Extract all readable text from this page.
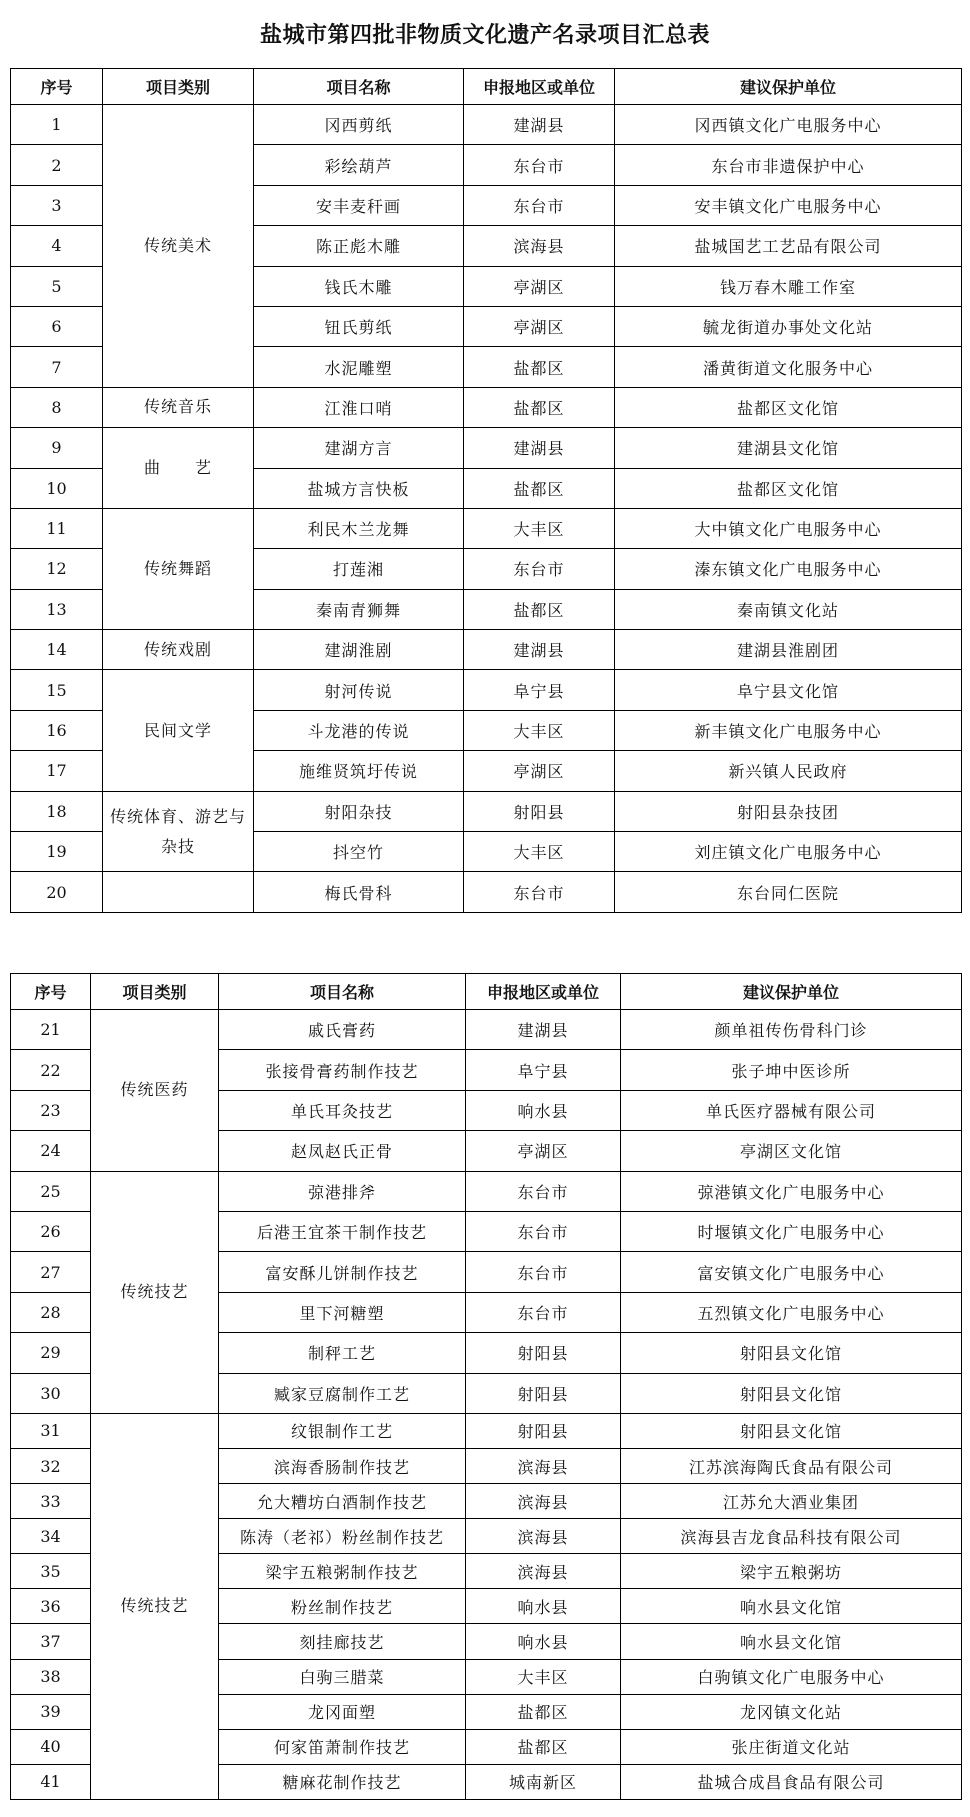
盐城市第四批非物质文化遗产名录项目汇总表
序号	项目类别	项目名称	申报地区或单位	建议保护单位
1	传统美术	冈西剪纸	建湖县	冈西镇文化广电服务中心
2		彩绘葫芦	东台市	东台市非遗保护中心
3		安丰麦秆画	东台市	安丰镇文化广电服务中心
4		陈正彪木雕	滨海县	盐城国艺工艺品有限公司
5		钱氏木雕	亭湖区	钱万春木雕工作室
6		钮氏剪纸	亭湖区	毓龙街道办事处文化站
7		水泥雕塑	盐都区	潘黄街道文化服务中心
8	传统音乐	江淮口哨	盐都区	盐都区文化馆
9	曲　　艺	建湖方言	建湖县	建湖县文化馆
10		盐城方言快板	盐都区	盐都区文化馆
11	传统舞蹈	利民木兰龙舞	大丰区	大中镇文化广电服务中心
12		打莲湘	东台市	溱东镇文化广电服务中心
13		秦南青狮舞	盐都区	秦南镇文化站
14	传统戏剧	建湖淮剧	建湖县	建湖县淮剧团
15	民间文学	射河传说	阜宁县	阜宁县文化馆
16		斗龙港的传说	大丰区	新丰镇文化广电服务中心
17		施维贤筑圩传说	亭湖区	新兴镇人民政府
18	传统体育、游艺与杂技	射阳杂技	射阳县	射阳县杂技团
19		抖空竹	大丰区	刘庄镇文化广电服务中心
20		梅氏骨科	东台市	东台同仁医院
序号	项目类别	项目名称	申报地区或单位	建议保护单位
21	传统医药	戚氏膏药	建湖县	颜单祖传伤骨科门诊
22		张接骨膏药制作技艺	阜宁县	张子坤中医诊所
23		单氏耳灸技艺	响水县	单氏医疗器械有限公司
24		赵凤赵氏正骨	亭湖区	亭湖区文化馆
25	传统技艺	弶港排斧	东台市	弶港镇文化广电服务中心
26		后港王宜茶干制作技艺	东台市	时堰镇文化广电服务中心
27		富安酥儿饼制作技艺	东台市	富安镇文化广电服务中心
28		里下河糖塑	东台市	五烈镇文化广电服务中心
29		制秤工艺	射阳县	射阳县文化馆
30		臧家豆腐制作工艺	射阳县	射阳县文化馆
31	传统技艺	纹银制作工艺	射阳县	射阳县文化馆
32		滨海香肠制作技艺	滨海县	江苏滨海陶氏食品有限公司
33		允大糟坊白酒制作技艺	滨海县	江苏允大酒业集团
34		陈涛（老祁）粉丝制作技艺	滨海县	滨海县吉龙食品科技有限公司
35		梁宇五粮粥制作技艺	滨海县	梁宇五粮粥坊
36		粉丝制作技艺	响水县	响水县文化馆
37		刻挂廊技艺	响水县	响水县文化馆
38		白驹三腊菜	大丰区	白驹镇文化广电服务中心
39		龙冈面塑	盐都区	龙冈镇文化站
40		何家笛萧制作技艺	盐都区	张庄街道文化站
41		糖麻花制作技艺	城南新区	盐城合成昌食品有限公司
